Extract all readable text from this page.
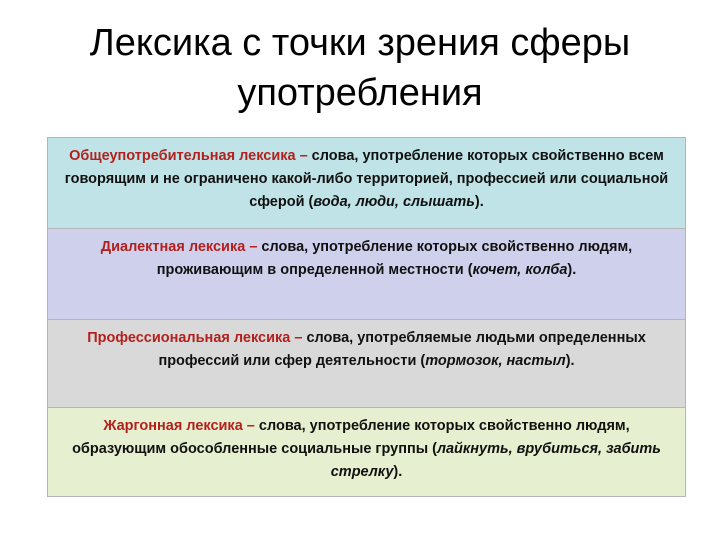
Лексика с точки зрения сферы
употребления
Общеупотребительная лексика – слова, употребление которых свойственно всем говорящим и не ограничено какой-либо территорией, профессией или социальной сферой (вода, люди, слышать).
Диалектная лексика – слова, употребление которых свойственно людям, проживающим в определенной местности (кочет, колба).
Профессиональная лексика – слова, употребляемые людьми определенных профессий или сфер деятельности (тормозок, настыл).
Жаргонная лексика – слова, употребление которых свойственно людям, образующим обособленные социальные группы (лайкнуть, врубиться, забить стрелку).
